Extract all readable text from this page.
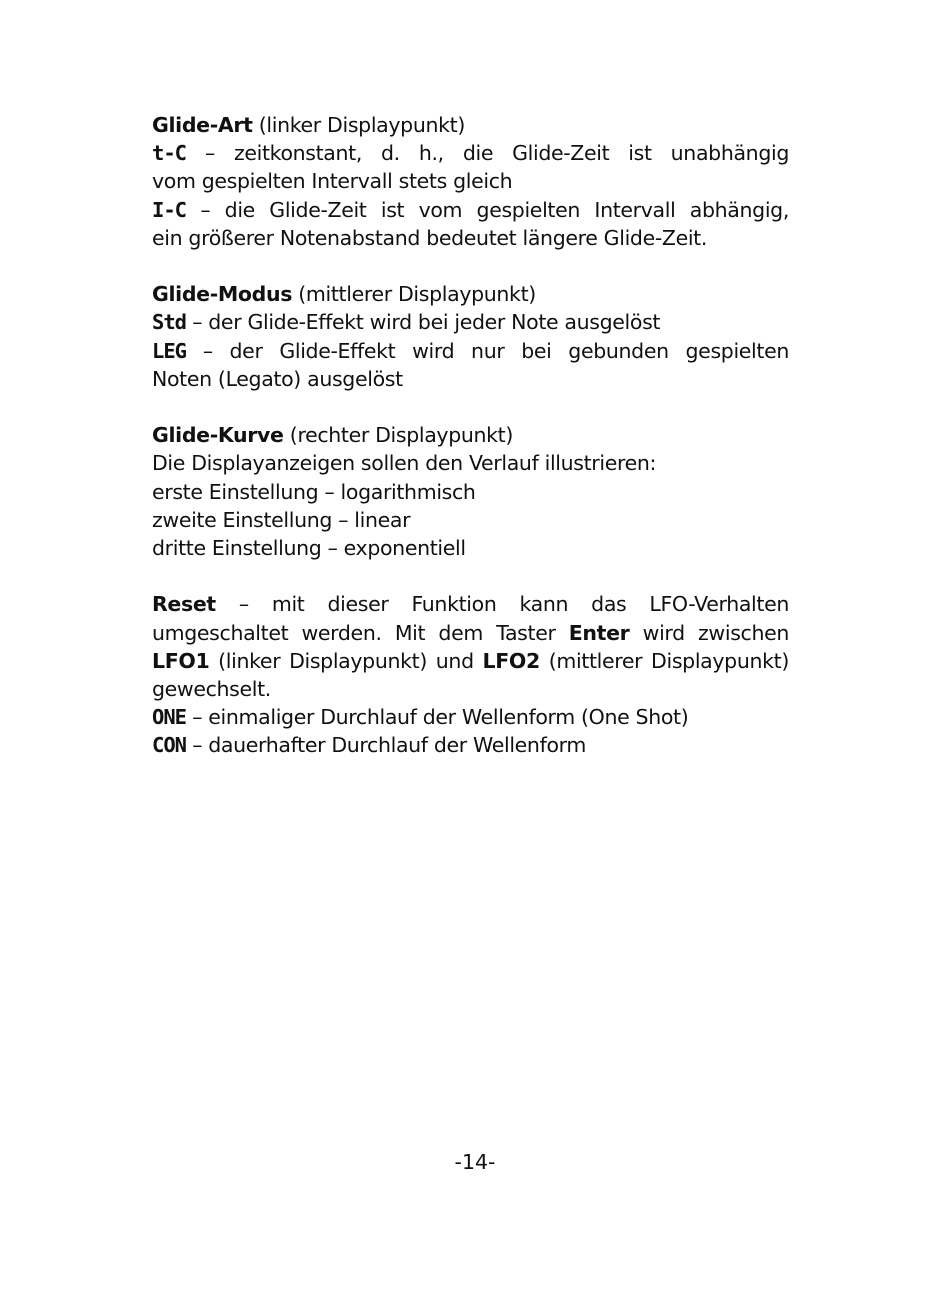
Glide-Art (linker Displaypunkt)
t-C – zeitkonstant, d. h., die Glide-Zeit ist unabhängig
vom gespielten Intervall stets gleich
I-C – die Glide-Zeit ist vom gespielten Intervall abhängig,
ein größerer Notenabstand bedeutet längere Glide-Zeit.
Glide-Modus (mittlerer Displaypunkt)
Std – der Glide-Effekt wird bei jeder Note ausgelöst
LEG – der Glide-Effekt wird nur bei gebunden gespielten
Noten (Legato) ausgelöst
Glide-Kurve (rechter Displaypunkt)
Die Displayanzeigen sollen den Verlauf illustrieren:
erste Einstellung – logarithmisch
zweite Einstellung – linear
dritte Einstellung – exponentiell
Reset – mit dieser Funktion kann das LFO-Verhalten umgeschaltet werden. Mit dem Taster Enter wird zwischen LFO1 (linker Displaypunkt) und LFO2 (mittlerer Displaypunkt) gewechselt.
ONE – einmaliger Durchlauf der Wellenform (One Shot)
CON – dauerhafter Durchlauf der Wellenform
-14-
